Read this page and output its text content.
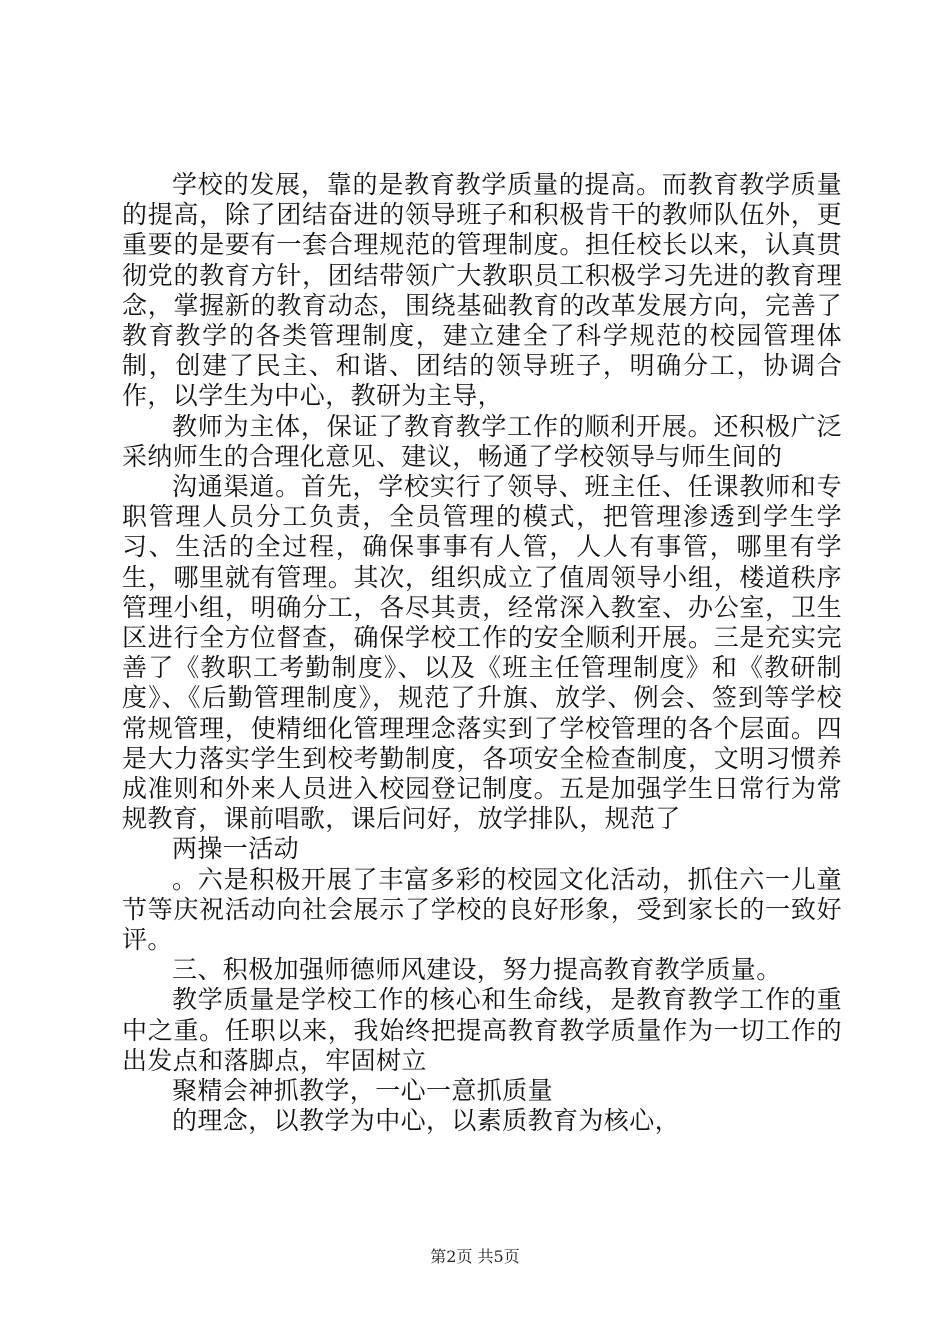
学校的发展，靠的是教育教学质量的提高。而教育教学质量的提高，除了团结奋进的领导班子和积极肯干的教师队伍外，更重要的是要有一套合理规范的管理制度。担任校长以来，认真贯彻党的教育方针，团结带领广大教职员工积极学习先进的教育理念，掌握新的教育动态，围绕基础教育的改革发展方向，完善了教育教学的各类管理制度，建立建全了科学规范的校园管理体制，创建了民主、和谐、团结的领导班子，明确分工，协调合作，以学生为中心，教研为主导，

教师为主体，保证了教育教学工作的顺利开展。还积极广泛采纳师生的合理化意见、建议，畅通了学校领导与师生间的

沟通渠道。首先，学校实行了领导、班主任、任课教师和专职管理人员分工负责，全员管理的模式，把管理渗透到学生学习、生活的全过程，确保事事有人管，人人有事管，哪里有学生，哪里就有管理。其次，组织成立了值周领导小组，楼道秩序管理小组，明确分工，各尽其责，经常深入教室、办公室，卫生区进行全方位督查，确保学校工作的安全顺利开展。三是充实完善了《教职工考勤制度》、以及《班主任管理制度》和《教研制度》、《后勤管理制度》，规范了升旗、放学、例会、签到等学校常规管理，使精细化管理理念落实到了学校管理的各个层面。四是大力落实学生到校考勤制度，各项安全检查制度，文明习惯养成准则和外来人员进入校园登记制度。五是加强学生日常行为常规教育，课前唱歌，课后问好，放学排队，规范了

两操一活动

。六是积极开展了丰富多彩的校园文化活动，抓住六一儿童节等庆祝活动向社会展示了学校的良好形象，受到家长的一致好评。

三、积极加强师德师风建设，努力提高教育教学质量。

教学质量是学校工作的核心和生命线，是教育教学工作的重中之重。任职以来，我始终把提高教育教学质量作为一切工作的出发点和落脚点，牢固树立

聚精会神抓教学，一心一意抓质量

的理念，以教学为中心，以素质教育为核心，

第2页 共5页
